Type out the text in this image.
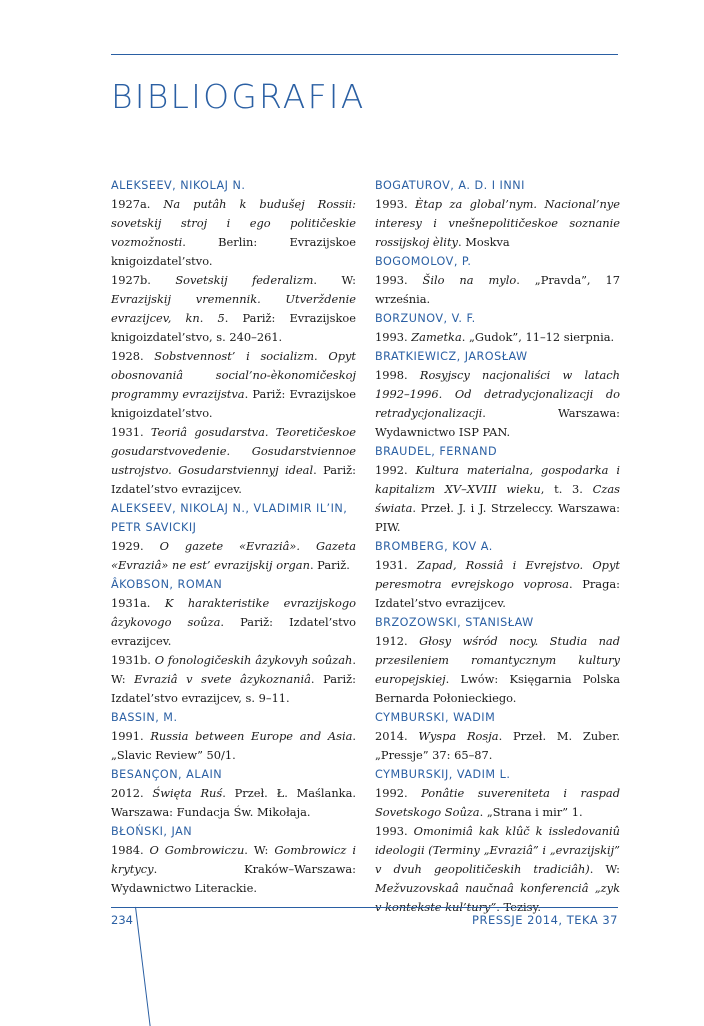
BIBLIOGRAFIA
ALEKSEEV, NIKOLAJ N.
1927a. Na putâh k budušej Rossii: sovetskij stroj i ego političeskie vozmožnosti. Berlin: Evrazijskoe knigoizdatel’stvo.
1927b. Sovetskij federalizm. W: Evrazijskij vremennik. Utverždenie evrazijcev, kn. 5. Pariž: Evrazijskoe knigoizdatel’stvo, s. 240–261.
1928. Sobstvennost’ i socializm. Opyt obosnovaniâ social’no-èkonomičeskoj programmy evrazijstva. Pariž: Evrazijskoe knigoizdatel’stvo.
1931. Teoriâ gosudarstva. Teoretičeskoe gosudarstvovedenie. Gosudarstviennoe ustrojstvo. Gosudarstviennyj ideal. Pariž: Izdatel’stvo evrazijcev.
ALEKSEEV, NIKOLAJ N., VLADIMIR IL’IN, PETR SAVICKIJ
1929. O gazete «Evraziâ». Gazeta «Evraziâ» ne est’ evrazijskij organ. Pariž.
ÂKOBSON, ROMAN
1931a. K harakteristike evrazijskogo âzykovogo soûza. Pariž: Izdatel’stvo evrazijcev.
1931b. O fonologičeskih âzykovyh soûzah. W: Evraziâ v svete âzykoznaniâ. Pariž: Izdatel’stvo evrazijcev, s. 9–11.
BASSIN, M.
1991. Russia between Europe and Asia. „Slavic Review” 50/1.
BESANÇON, ALAIN
2012. Święta Ruś. Przeł. Ł. Maślanka. Warszawa: Fundacja Św. Mikołaja.
BŁOŃSKI, JAN
1984. O Gombrowiczu. W: Gombrowicz i krytycy. Kraków–Warszawa: Wydawnictwo Literackie.
BOGATUROV, A. D. I INNI
1993. Ètap za global’nym. Nacional’nye interesy i vnešnepolitičeskoe soznanie rossijskoj èlity. Moskva
BOGOMOLOV, P.
1993. Šilo na mylo. „Pravda”, 17 września.
BORZUNOV, V. F.
1993. Zametka. „Gudok”, 11–12 sierpnia.
BRATKIEWICZ, JAROSŁAW
1998. Rosyjscy nacjonaliści w latach 1992–1996. Od detradycjonalizacji do retradycjonalizacji. Warszawa: Wydawnictwo ISP PAN.
BRAUDEL, FERNAND
1992. Kultura materialna, gospodarka i kapitalizm XV–XVIII wieku, t. 3. Czas świata. Przeł. J. i J. Strzeleccy. Warszawa: PIW.
BROMBERG, KOV A.
1931. Zapad, Rossiâ i Evrejstvo. Opyt peresmotra evrejskogo voprosa. Praga: Izdatel’stvo evrazijcev.
BRZOZOWSKI, STANISŁAW
1912. Głosy wśród nocy. Studia nad przesileniem romantycznym kultury europejskiej. Lwów: Księgarnia Polska Bernarda Połonieckiego.
CYMBURSKI, WADIM
2014. Wyspa Rosja. Przeł. M. Zuber. „Pressje” 37: 65–87.
CYMBURSKIJ, VADIM L.
1992. Ponâtie suvereniteta i raspad Sovetskogo Soûza. „Strana i mir” 1.
1993. Omonimiâ kak klûč k issledovaniû ideologii (Terminy „Evraziâ” i „evrazijskij” v dvuh geopolitičeskih tradiciâh). W: Mežvuzovskaâ naučnaâ konferenciâ „zyk v kontekste kul’tury”. Tezisy.
234	PRESSJE 2014, TEKA 37
